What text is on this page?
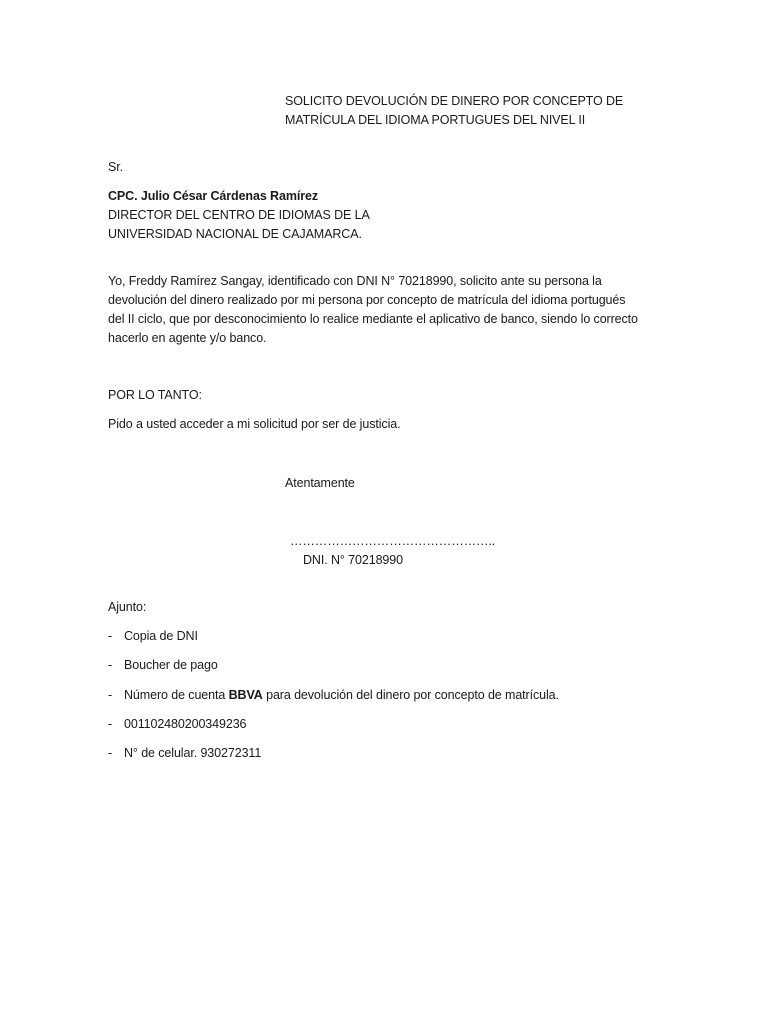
SOLICITO DEVOLUCIÓN DE DINERO POR CONCEPTO DE
MATRÍCULA DEL IDIOMA PORTUGUES DEL NIVEL II
Sr.
CPC. Julio César Cárdenas Ramírez
DIRECTOR DEL CENTRO DE IDIOMAS DE LA
UNIVERSIDAD NACIONAL DE CAJAMARCA.
Yo, Freddy Ramírez Sangay, identificado con DNI N° 70218990, solicito ante su persona la
devolución del dinero realizado por mi persona por concepto de matrícula del idioma portugués
del II ciclo, que por desconocimiento lo realice mediante el aplicativo de banco, siendo lo correcto
hacerlo en agente y/o banco.
POR LO TANTO:
Pido a usted acceder a mi solicitud por ser de justicia.
Atentamente
…………………………………………..
DNI. N° 70218990
Ajunto:
- Copia de DNI
- Boucher de pago
- Número de cuenta BBVA para devolución del dinero por concepto de matrícula.
- 001102480200349236
- N° de celular. 930272311
